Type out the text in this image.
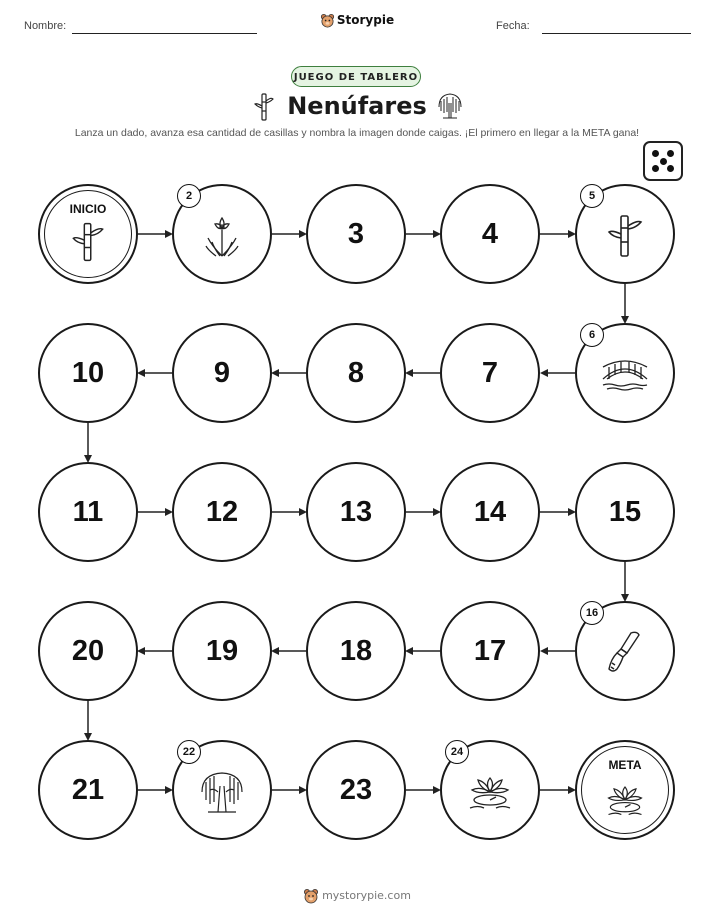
Nombre:	Storypie	Fecha:
JUEGO DE TABLERO
Nenúfares
Lanza un dado, avanza esa cantidad de casillas y nombra la imagen donde caigas. ¡El primero en llegar a la META gana!
INICIO
META
2
3	4
5
6
7
8
9
10
11	12	13	14	15
16
17
18
19
20
21
22
23
24
mystorypie.com
